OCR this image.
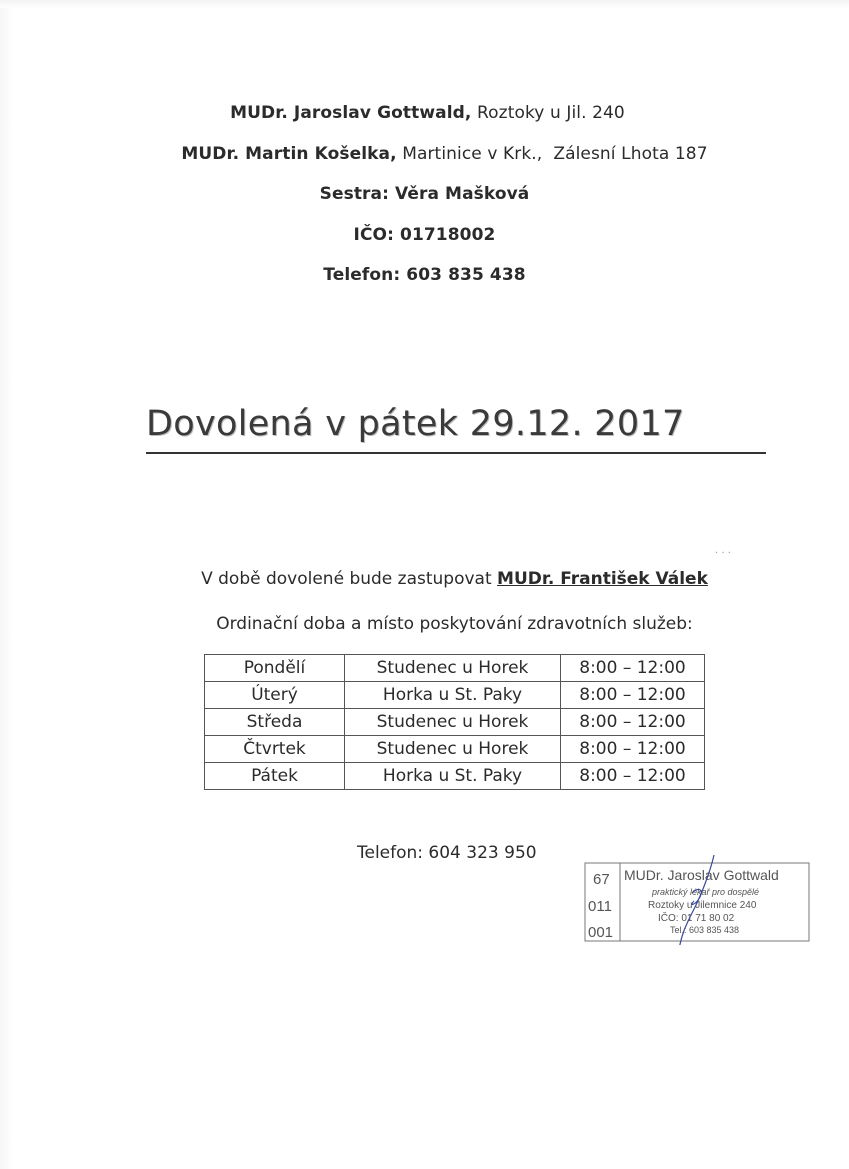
MUDr. Jaroslav Gottwald, Roztoky u Jil. 240
MUDr. Martin Košelka, Martinice v Krk.,  Zálesní Lhota 187
Sestra: Věra Mašková
IČO: 01718002
Telefon: 603 835 438
Dovolená v pátek 29.12. 2017
· · ·
V době dovolené bude zastupovat MUDr. František Válek
Ordinační doba a místo poskytování zdravotních služeb:
Pondělí	Studenec u Horek	8:00 – 12:00
Úterý	Horka u St. Paky	8:00 – 12:00
Středa	Studenec u Horek	8:00 – 12:00
Čtvrtek	Studenec u Horek	8:00 – 12:00
Pátek	Horka u St. Paky	8:00 – 12:00
Telefon: 604 323 950
67
011
001
MUDr. Jaroslav Gottwald
praktický lékař pro dospělé
Roztoky u Jilemnice 240
IČO: 01 71 80 02
Tel.: 603 835 438
